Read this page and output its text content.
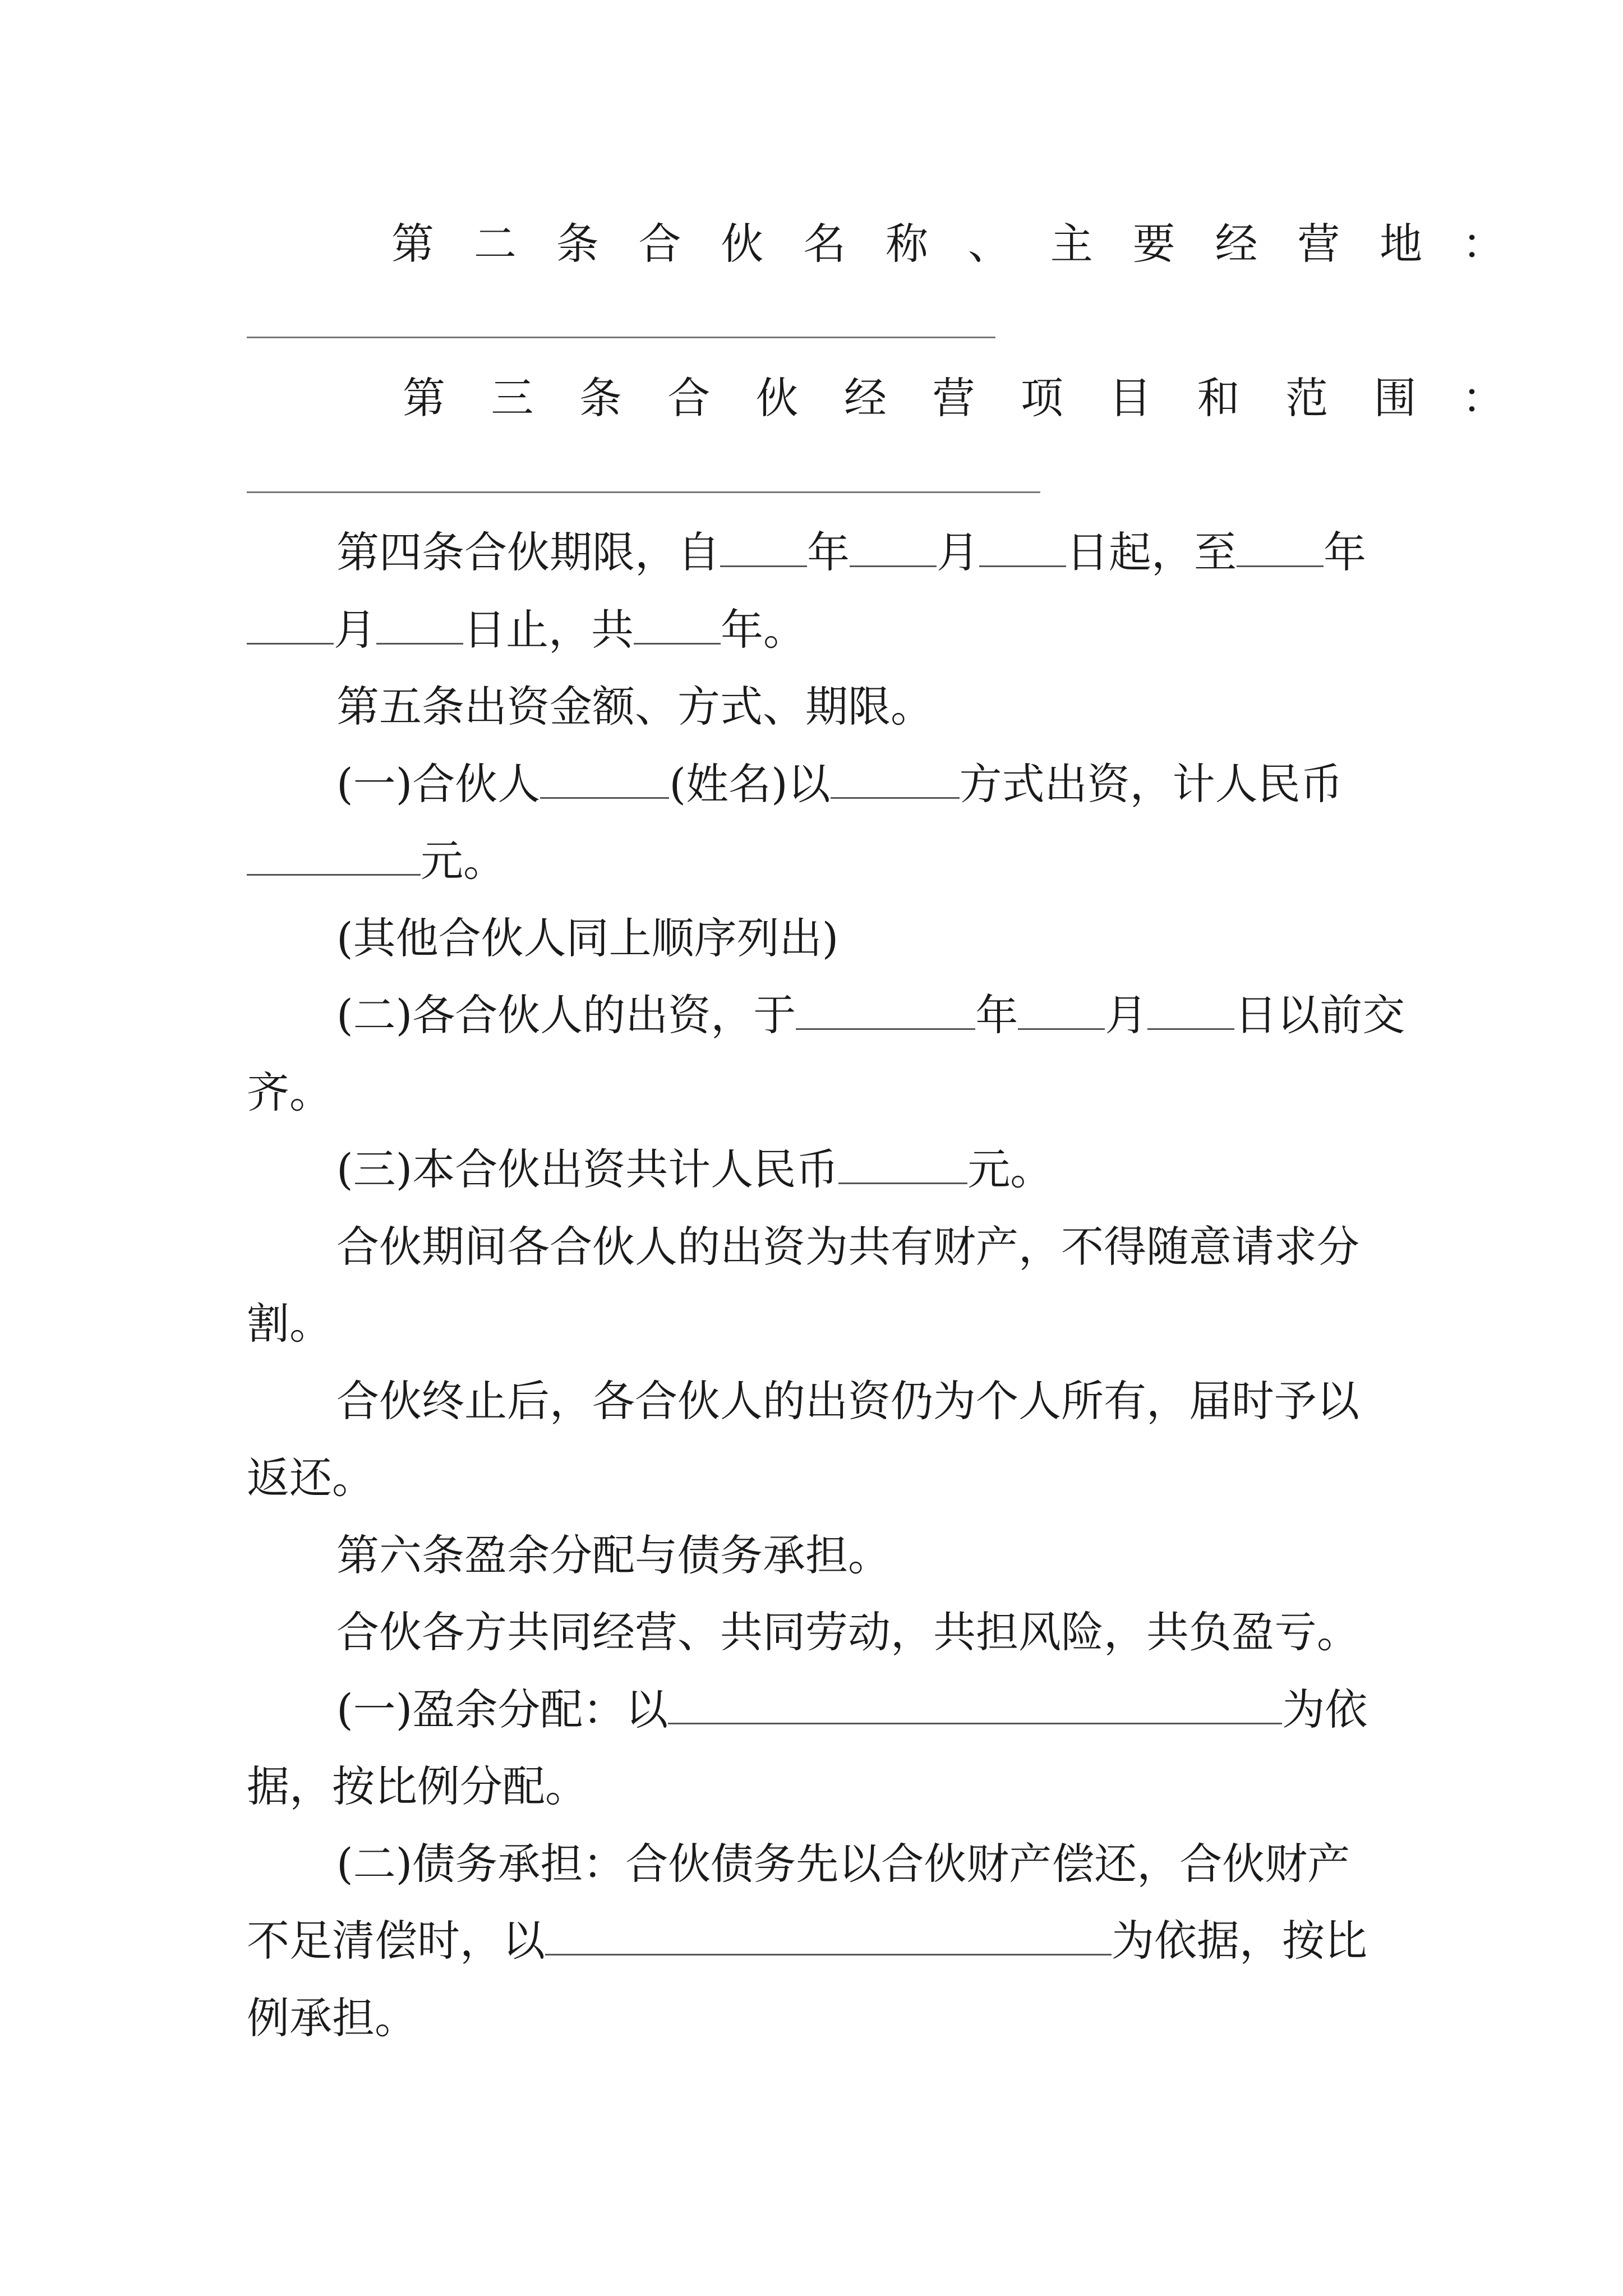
第 二 条 合 伙 名 称 、 主 要 经 营 地 ：
第 三 条 合 伙 经 营 项 目 和 范 围 ：
第四条合伙期限，自 年 月 日起，至 年
月 日止，共 年。
第五条出资金额、方式、期限。
(一)合伙人	(姓名)以	方式出资，计人民币
元。
(其他合伙人同上顺序列出)
(二)各合伙人的出资，于	年 月 日以前交
齐。
(三)本合伙出资共计人民币	元。
合伙期间各合伙人的出资为共有财产，不得随意请求分
割。
合伙终止后，各合伙人的出资仍为个人所有，届时予以
返还。
第六条盈余分配与债务承担。
合伙各方共同经营、共同劳动，共担风险，共负盈亏。
(一)盈余分配：以	为依
据，按比例分配。
(二)债务承担：合伙债务先以合伙财产偿还，合伙财产
不足清偿时，以	为依据，按比
例承担。
